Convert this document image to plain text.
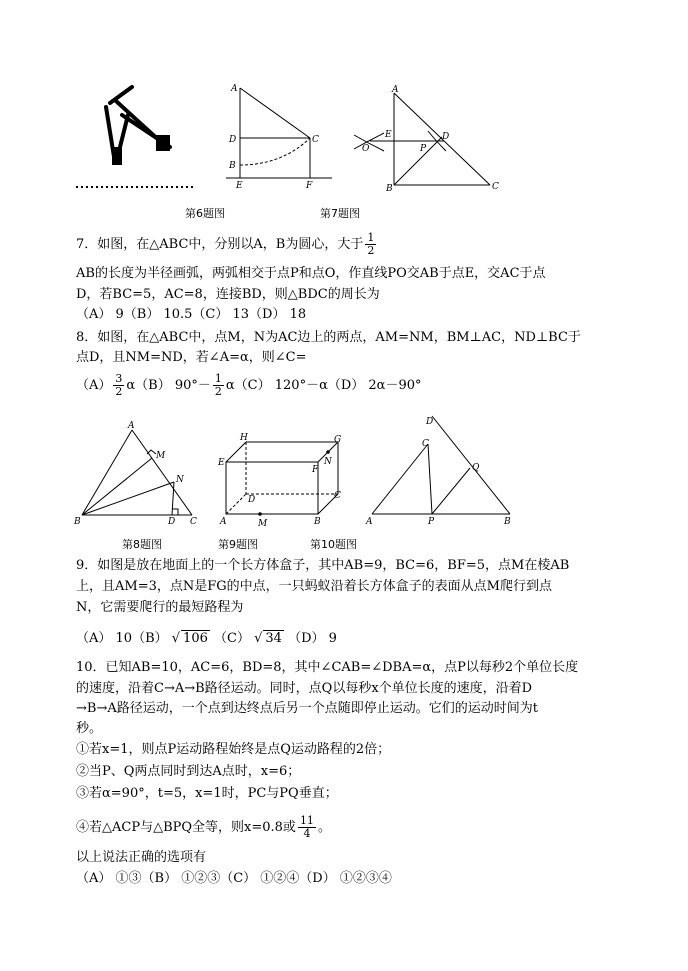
第6题图
A
D	C
B
E	F
第7题图
A
E	D
O	P
B	C
7．如图，在△ABC中，分别以A，B为圆心，大于 $\frac{1}{2}$
AB的长度为半径画弧，两弧相交于点P和点O，作直线PO交AB于点E，交AC于点
D，若BC=5，AC=8，连接BD，则△BDC的周长为
（A） 9（B） 10.5（C） 13（D） 18
8．如图，在△ABC中，点M，N为AC边上的两点，AM=NM，BM⊥AC，ND⊥BC于
点D，且NM=ND，若∠A=α，则∠C=
$(A) \frac{3}{2} \alpha(B)$ $90^\circ- \frac{1}{2} \alpha(C)$ 120°－α（D） 2α－90°
A
M
N
B	D C
第8题图
H	G
E
F
N
D	C
A	M	B
第9题图
D
C
Q
A	P	B
第10题图
9．如图是放在地面上的一个长方体盒子，其中AB=9，BC=6，BF=5，点M在棱AB
上，且AM=3，点N是FG的中点，一只蚂蚁沿着长方体盒子的表面从点M爬行到点
N，它需要爬行的最短路程为
（A） 10（B） √ 106 （C） √ 34 （D） 9
10．已知AB=10，AC=6，BD=8，其中∠CAB=∠DBA=α，点P以每秒2个单位长度
的速度，沿着C→A→B路径运动。同时，点Q以每秒x个单位长度的速度，沿着D
→B→A路径运动，一个点到达终点后另一个点随即停止运动。它们的运动时间为t
秒。
①若x=1，则点P运动路程始终是点Q运动路程的2倍；
②当P、Q两点同时到达A点时，x=6；
③若α=90°，t=5，x=1时，PC与PQ垂直；
④若△ACP与△BPQ全等，则x=0.8或 $\frac{11}{4}$ 。
以上说法正确的选项有
（A） ①③（B） ①②③（C） ①②④（D） ①②③④
